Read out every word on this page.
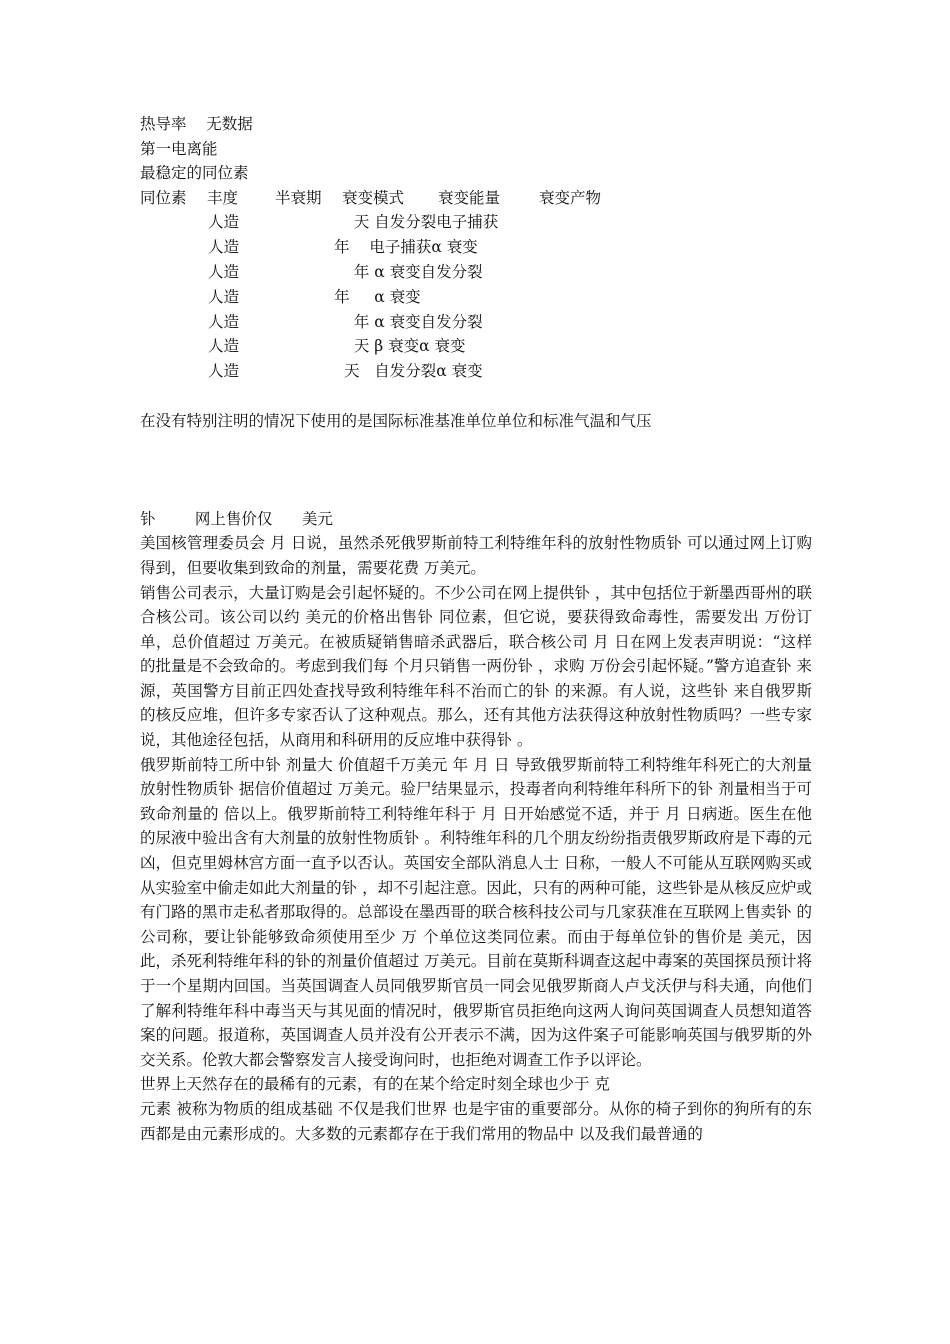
热导率    无数据
第一电离能
最稳定的同位素
同位素	丰度	半衰期	衰变模式	衰变能量	衰变产物
人造	天 自发分裂电子捕获
人造	年    电子捕获α 衰变
人造	年 α 衰变自发分裂
人造	年     α 衰变
人造	年 α 衰变自发分裂
人造	天 β 衰变α 衰变
人造	天   自发分裂α 衰变
在没有特别注明的情况下使用的是国际标准基准单位单位和标准气温和气压
钋        网上售价仅      美元

美国核管理委员会 月 日说，虽然杀死俄罗斯前特工利特维年科的放射性物质钋 可以通过网上订购得到，但要收集到致命的剂量，需要花费 万美元。

销售公司表示，大量订购是会引起怀疑的。不少公司在网上提供钋 ，其中包括位于新墨西哥州的联合核公司。该公司以约 美元的价格出售钋 同位素，但它说，要获得致命毒性，需要发出 万份订单，总价值超过 万美元。在被质疑销售暗杀武器后，联合核公司 月 日在网上发表声明说：“这样的批量是不会致命的。考虑到我们每 个月只销售一两份钋 ，求购 万份会引起怀疑。”警方追查钋 来源，英国警方目前正四处查找导致利特维年科不治而亡的钋 的来源。有人说，这些钋 来自俄罗斯的核反应堆，但许多专家否认了这种观点。那么，还有其他方法获得这种放射性物质吗？一些专家说，其他途径包括，从商用和科研用的反应堆中获得钋 。

俄罗斯前特工所中钋 剂量大 价值超千万美元 年 月 日 导致俄罗斯前特工利特维年科死亡的大剂量放射性物质钋 据信价值超过 万美元。验尸结果显示，投毒者向利特维年科所下的钋 剂量相当于可致命剂量的 倍以上。俄罗斯前特工利特维年科于 月 日开始感觉不适，并于 月 日病逝。医生在他的尿液中验出含有大剂量的放射性物质钋 。利特维年科的几个朋友纷纷指责俄罗斯政府是下毒的元凶，但克里姆林宫方面一直予以否认。英国安全部队消息人士 日称，一般人不可能从互联网购买或从实验室中偷走如此大剂量的钋 ，却不引起注意。因此，只有的两种可能，这些钋是从核反应炉或有门路的黑市走私者那取得的。总部设在墨西哥的联合核科技公司与几家获准在互联网上售卖钋 的公司称，要让钋能够致命须使用至少 万 个单位这类同位素。而由于每单位钋的售价是 美元，因此，杀死利特维年科的钋的剂量价值超过 万美元。目前在莫斯科调查这起中毒案的英国探员预计将于一个星期内回国。当英国调查人员同俄罗斯官员一同会见俄罗斯商人卢戈沃伊与科夫通，向他们了解利特维年科中毒当天与其见面的情况时，俄罗斯官员拒绝向这两人询问英国调查人员想知道答案的问题。报道称，英国调查人员并没有公开表示不满，因为这件案子可能影响英国与俄罗斯的外交关系。伦敦大都会警察发言人接受询问时，也拒绝对调查工作予以评论。

世界上天然存在的最稀有的元素，有的在某个给定时刻全球也少于 克

元素 被称为物质的组成基础 不仅是我们世界 也是宇宙的重要部分。从你的椅子到你的狗所有的东西都是由元素形成的。大多数的元素都存在于我们常用的物品中 以及我们最普通的
